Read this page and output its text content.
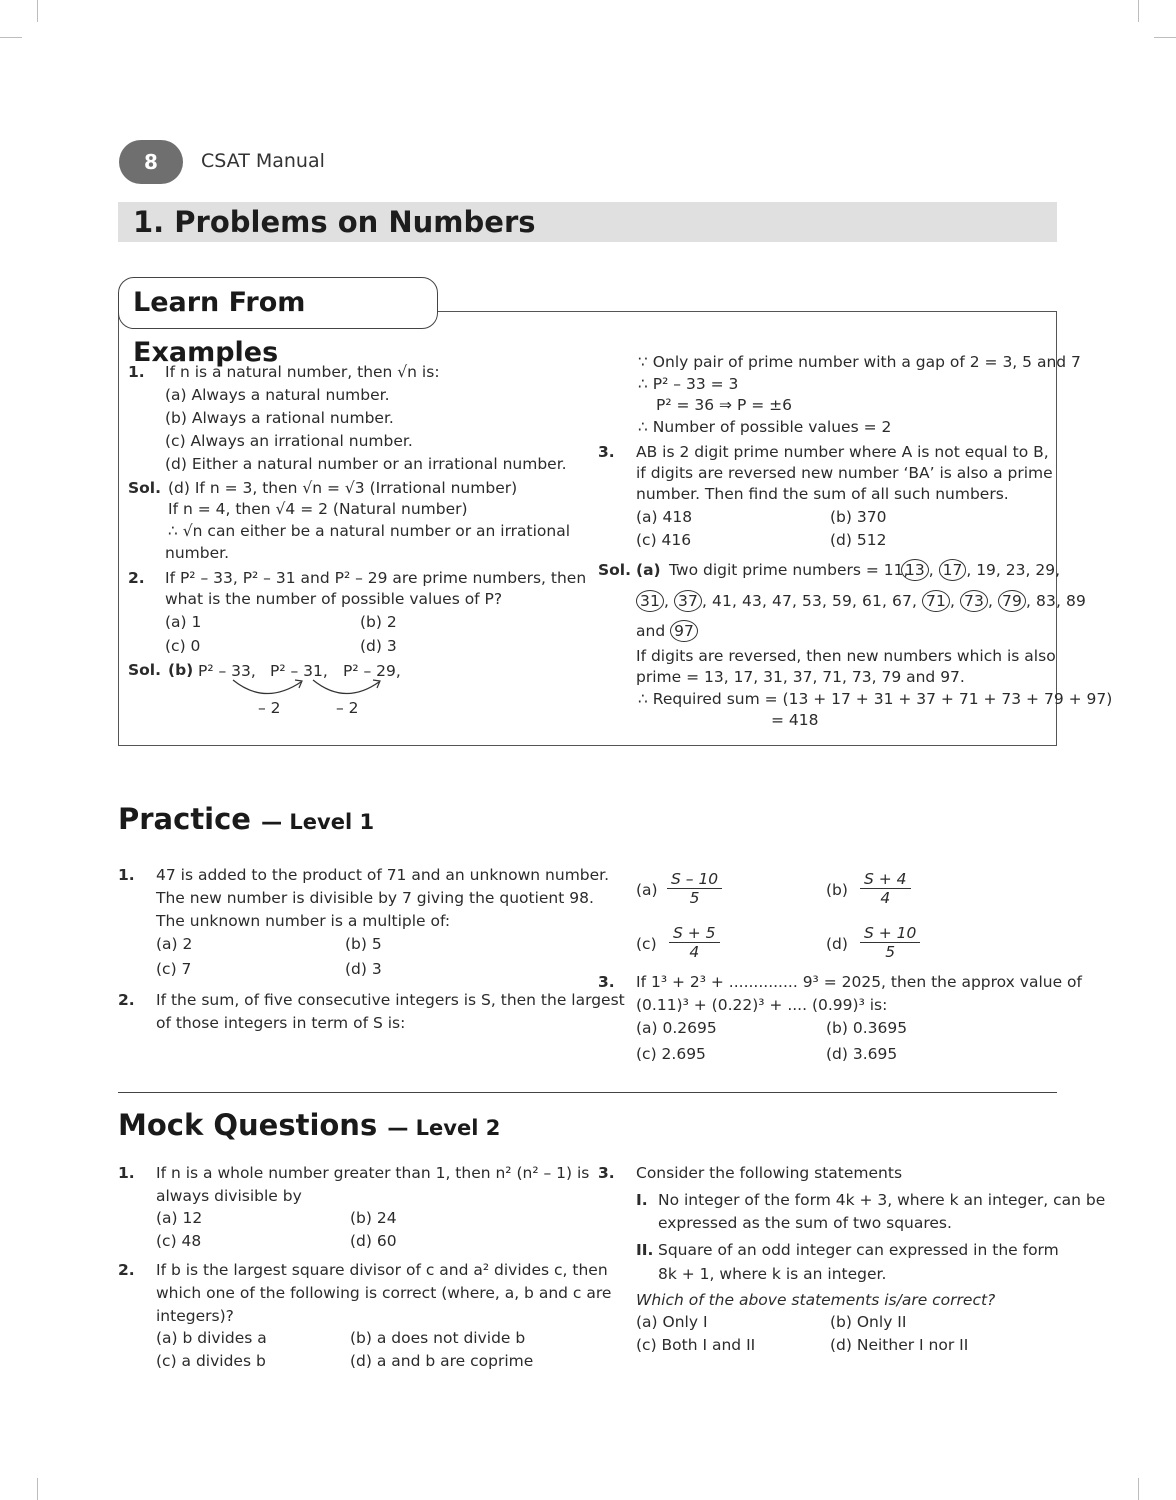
8 CSAT Manual
1. Problems on Numbers
Learn From Examples
1. If n is a natural number, then √n is:
(a) Always a natural number.
(b) Always a rational number.
(c) Always an irrational number.
(d) Either a natural number or an irrational number.
Sol. (d) If n = 3, then √n = √3 (Irrational number)
If n = 4, then √4 = 2 (Natural number)
∴ √n can either be a natural number or an irrational
number.
2. If P² – 33, P² – 31 and P² – 29 are prime numbers, then
what is the number of possible values of P?
(a) 1	(b) 2
(c) 0	(d) 3
Sol. (b) P² – 33, P² – 31, P² – 29,
– 2	– 2
∵ Only pair of prime number with a gap of 2 = 3, 5 and 7
∴ P² – 33 = 3
P² = 36 ⇒ P = ±6
∴ Number of possible values = 2
3. AB is 2 digit prime number where A is not equal to B,
if digits are reversed new number ‘BA’ is also a prime
number. Then find the sum of all such numbers.
(a) 418	(b) 370
(c) 416	(d) 512
Sol. (a) Two digit prime numbers = 11,
13 , 17 , 19, 23, 29,
31 , 37 , 41, 43, 47, 53, 59, 61, 67, 71 , 73 , 79 , 83, 89
and 97
If digits are reversed, then new numbers which is also
prime = 13, 17, 31, 37, 71, 73, 79 and 97.
∴ Required sum = (13 + 17 + 31 + 37 + 71 + 73 + 79 + 97)
= 418
Practice — Level 1
1. 47 is added to the product of 71 and an unknown number.
The new number is divisible by 7 giving the quotient 98.
The unknown number is a multiple of:
(a) 2	(b) 5
(c) 7	(d) 3
2. If the sum, of five consecutive integers is S, then the largest
of those integers in term of S is:
$(a) \frac{S - 10}{5}$	$(b) \frac{S + 4}{4}$
$(c) \frac{S + 5}{4}$	$(d) \frac{S + 10}{5}$
3. If 1³ + 2³ + .............. 9³ = 2025, then the approx value of
(0.11)³ + (0.22)³ + .... (0.99)³ is:
(a) 0.2695	(b) 0.3695
(c) 2.695	(d) 3.695
Mock Questions — Level 2
1. If n is a whole number greater than 1, then n² (n² – 1) is
always divisible by
(a) 12	(b) 24
(c) 48	(d) 60
2. If b is the largest square divisor of c and a² divides c, then
which one of the following is correct (where, a, b and c are
integers)?
(a) b divides a	(b) a does not divide b
(c) a divides b	(d) a and b are coprime
3. Consider the following statements
I. No integer of the form 4k + 3, where k an integer, can be
expressed as the sum of two squares.
II. Square of an odd integer can expressed in the form
8k + 1, where k is an integer.
Which of the above statements is/are correct?
(a) Only I	(b) Only II
(c) Both I and II	(d) Neither I nor II
